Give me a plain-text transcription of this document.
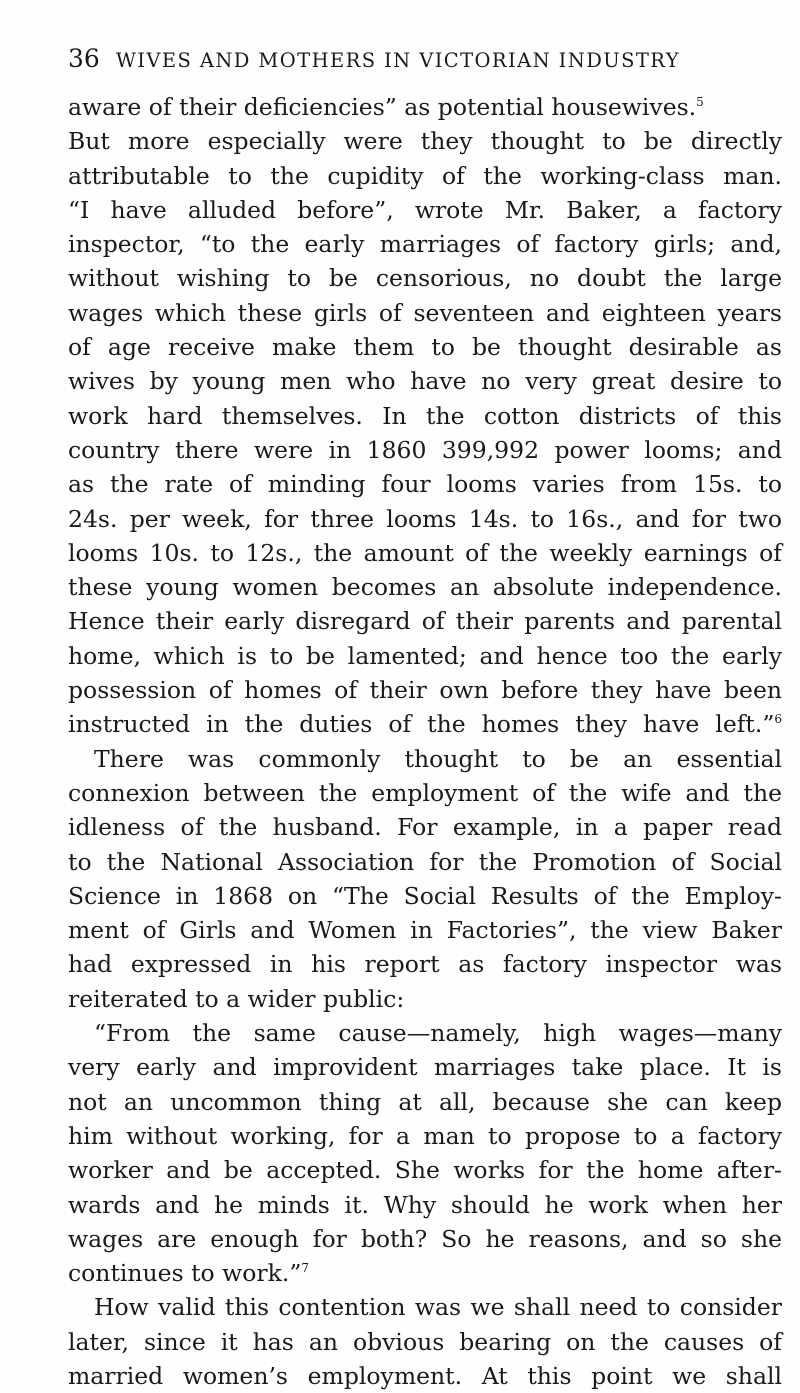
36 WIVES AND MOTHERS IN VICTORIAN INDUSTRY
aware of their deficiencies” as potential housewives.$^5$
But more especially were they thought to be directly
attributable to the cupidity of the working-class man.
“I have alluded before”, wrote Mr. Baker, a factory
inspector, “to the early marriages of factory girls; and,
without wishing to be censorious, no doubt the large
wages which these girls of seventeen and eighteen years
of age receive make them to be thought desirable as
wives by young men who have no very great desire to
work hard themselves. In the cotton districts of this
country there were in 1860 399,992 power looms; and
as the rate of minding four looms varies from 15s. to
24s. per week, for three looms 14s. to 16s., and for two
looms 10s. to 12s., the amount of the weekly earnings of
these young women becomes an absolute independence.
Hence their early disregard of their parents and parental
home, which is to be lamented; and hence too the early
possession of homes of their own before they have been
instructed in the duties of the homes they have left.”$^6$
There was commonly thought to be an essential
connexion between the employment of the wife and the
idleness of the husband. For example, in a paper read
to the National Association for the Promotion of Social
Science in 1868 on “The Social Results of the Employ-
ment of Girls and Women in Factories”, the view Baker
had expressed in his report as factory inspector was
reiterated to a wider public:
“From the same cause—namely, high wages—many
very early and improvident marriages take place. It is
not an uncommon thing at all, because she can keep
him without working, for a man to propose to a factory
worker and be accepted. She works for the home after-
wards and he minds it. Why should he work when her
wages are enough for both? So he reasons, and so she
continues to work.”$^7$
How valid this contention was we shall need to consider
later, since it has an obvious bearing on the causes of
married women’s employment. At this point we shall
